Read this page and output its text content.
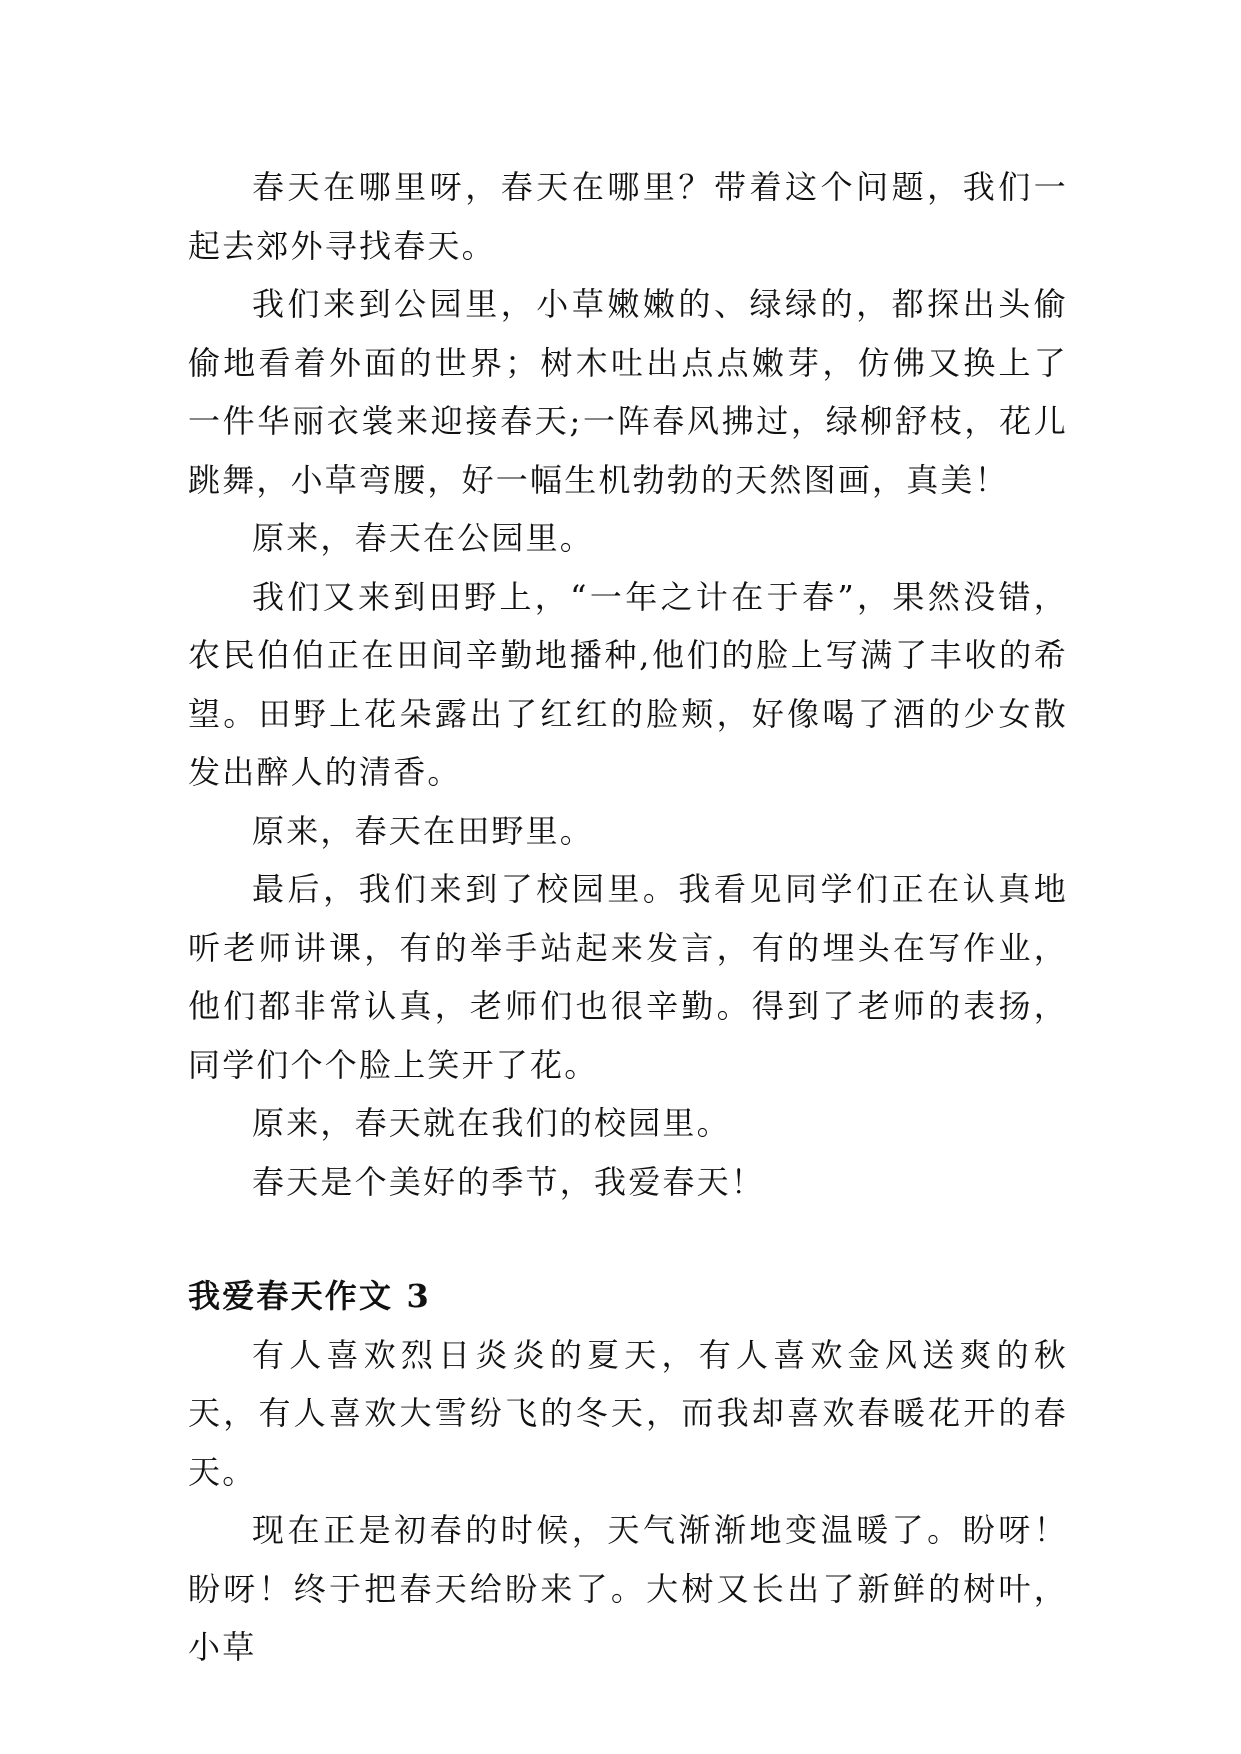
春天在哪里呀，春天在哪里？带着这个问题，我们一起去郊外寻找春天。

我们来到公园里，小草嫩嫩的、绿绿的，都探出头偷偷地看着外面的世界；树木吐出点点嫩芽，仿佛又换上了一件华丽衣裳来迎接春天;一阵春风拂过，绿柳舒枝，花儿跳舞，小草弯腰，好一幅生机勃勃的天然图画，真美！

原来，春天在公园里。

我们又来到田野上，“一年之计在于春”，果然没错，农民伯伯正在田间辛勤地播种,他们的脸上写满了丰收的希望。田野上花朵露出了红红的脸颊，好像喝了酒的少女散发出醉人的清香。

原来，春天在田野里。

最后，我们来到了校园里。我看见同学们正在认真地听老师讲课，有的举手站起来发言，有的埋头在写作业，他们都非常认真，老师们也很辛勤。得到了老师的表扬，同学们个个脸上笑开了花。

原来，春天就在我们的校园里。

春天是个美好的季节，我爱春天！

我爱春天作文 3

有人喜欢烈日炎炎的夏天，有人喜欢金风送爽的秋天，有人喜欢大雪纷飞的冬天，而我却喜欢春暖花开的春天。

现在正是初春的时候，天气渐渐地变温暖了。盼呀！盼呀！终于把春天给盼来了。大树又长出了新鲜的树叶，小草
